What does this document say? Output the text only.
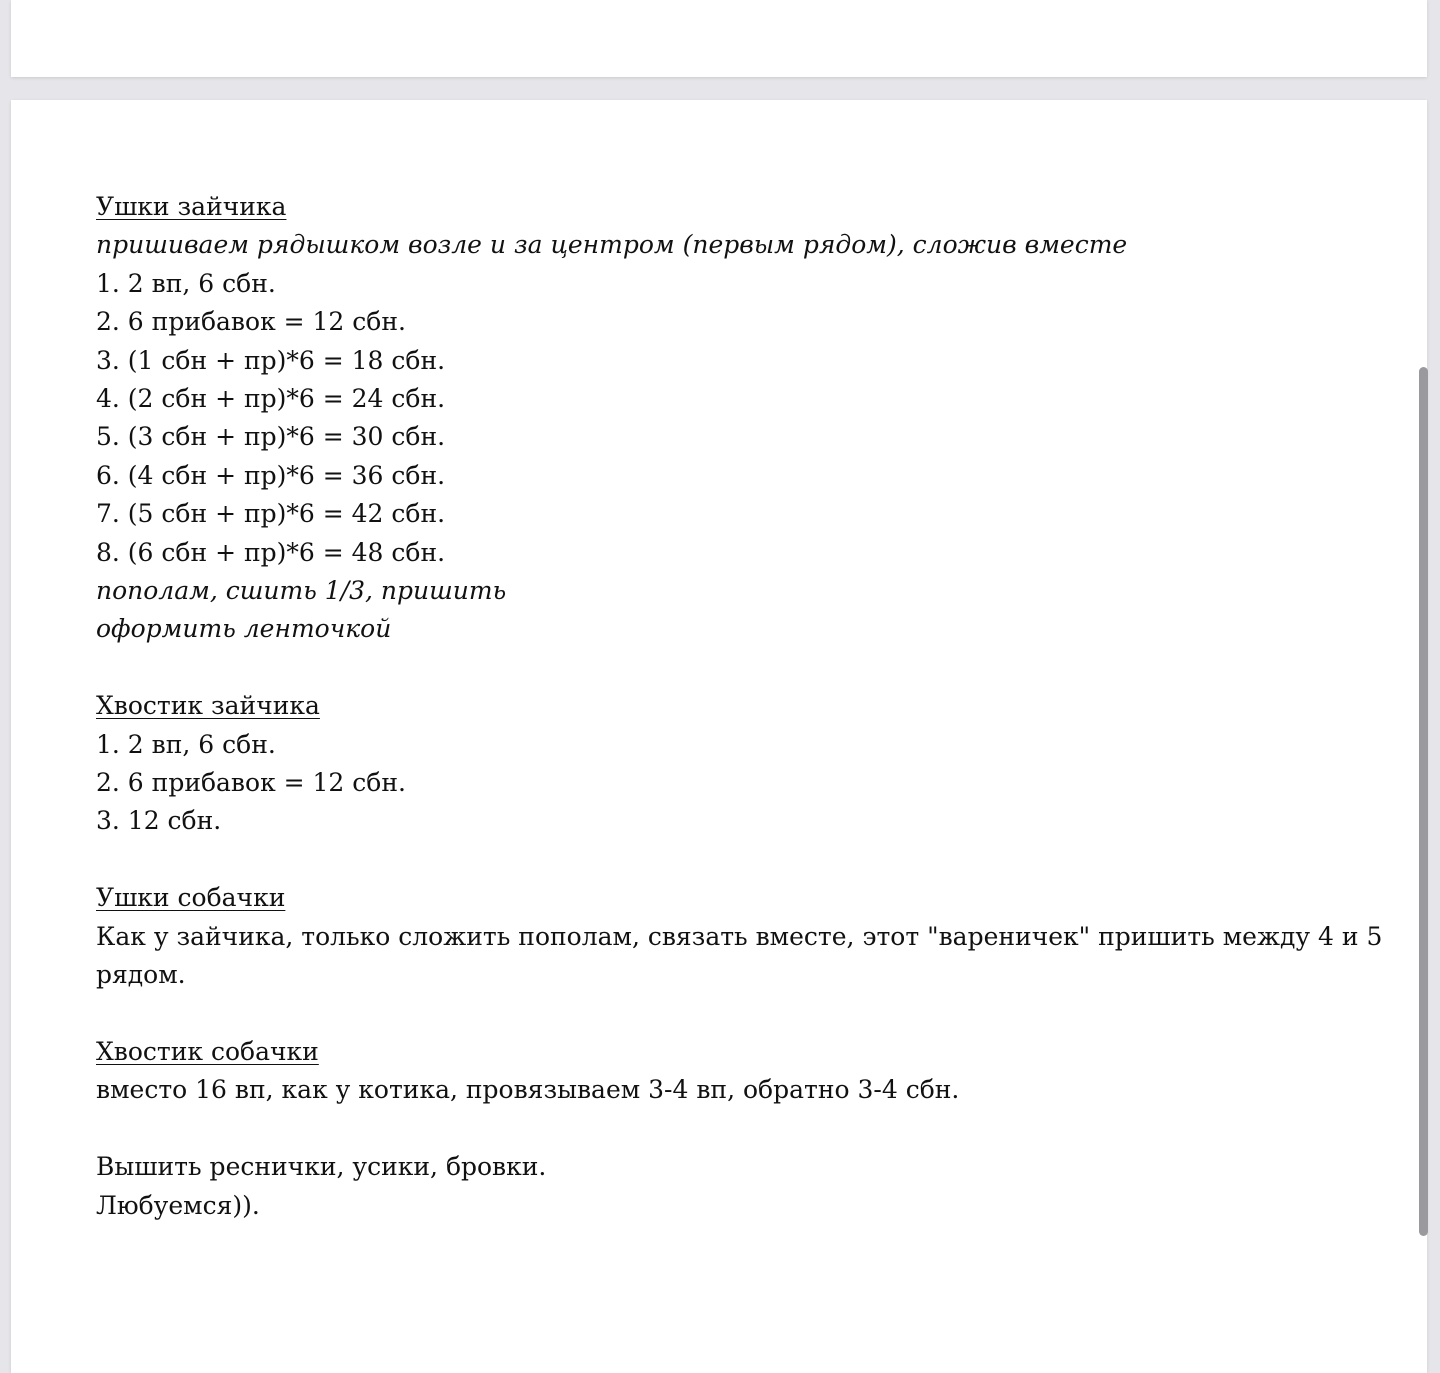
Ушки зайчика
пришиваем рядышком возле и за центром (первым рядом), сложив вместе
1. 2 вп, 6 сбн.
2. 6 прибавок = 12 сбн.
3. (1 сбн + пр)*6 = 18 сбн.
4. (2 сбн + пр)*6 = 24 сбн.
5. (3 сбн + пр)*6 = 30 сбн.
6. (4 сбн + пр)*6 = 36 сбн.
7. (5 сбн + пр)*6 = 42 сбн.
8. (6 сбн + пр)*6 = 48 сбн.
пополам, сшить 1/3, пришить
оформить ленточкой
Хвостик зайчика
1. 2 вп, 6 сбн.
2. 6 прибавок = 12 сбн.
3. 12 сбн.
Ушки собачки
Как у зайчика, только сложить пополам, связать вместе, этот "вареничек" пришить между 4 и 5 рядом.
Хвостик собачки
вместо 16 вп, как у котика, провязываем 3-4 вп, обратно 3-4 сбн.
Вышить реснички, усики, бровки.
Любуемся)).
